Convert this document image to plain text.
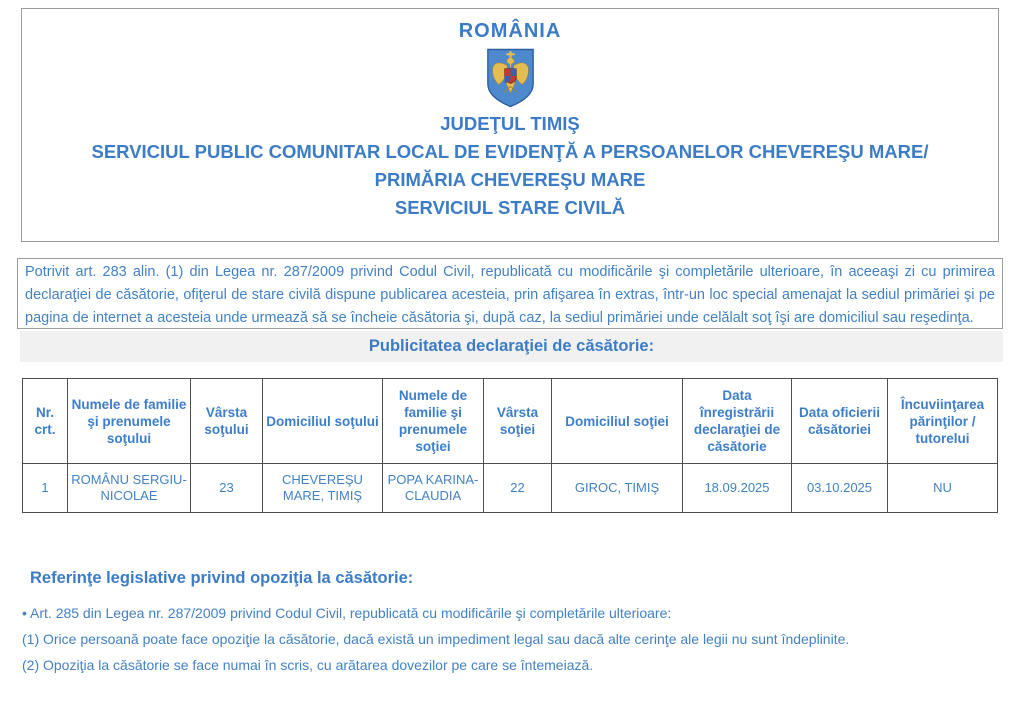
ROMÂNIA
JUDEŢUL TIMIŞ
SERVICIUL PUBLIC COMUNITAR LOCAL DE EVIDENŢĂ A PERSOANELOR CHEVEREŞU MARE/
PRIMĂRIA CHEVEREŞU MARE
SERVICIUL STARE CIVILĂ
Potrivit art. 283 alin. (1) din Legea nr. 287/2009 privind Codul Civil, republicată cu modificările şi completările ulterioare, în aceeaşi zi cu primirea declaraţiei de căsătorie, ofiţerul de stare civilă dispune publicarea acesteia, prin afişarea în extras, într-un loc special amenajat la sediul primăriei şi pe pagina de internet a acesteia unde urmează să se încheie căsătoria şi, după caz, la sediul primăriei unde celălalt soţ îşi are domiciliul sau reşedinţa.
Publicitatea declaraţiei de căsătorie:
Nr. crt.	Numele de familie şi prenumele soţului	Vârsta soţului	Domiciliul soţului	Numele de familie şi prenumele soţiei	Vârsta soţiei	Domiciliul soţiei	Data înregistrării declaraţiei de căsătorie	Data oficierii căsătoriei	Încuviinţarea părinţilor / tutorelui
1	ROMÂNU SERGIU-NICOLAE	23	CHEVEREŞU MARE, TIMIŞ	POPA KARINA-CLAUDIA	22	GIROC, TIMIŞ	18.09.2025	03.10.2025	NU
Referinţe legislative privind opoziţia la căsătorie:
• Art. 285 din Legea nr. 287/2009 privind Codul Civil, republicată cu modificările şi completările ulterioare:
(1) Orice persoană poate face opoziţie la căsătorie, dacă există un impediment legal sau dacă alte cerinţe ale legii nu sunt îndeplinite.
(2) Opoziţia la căsătorie se face numai în scris, cu arătarea dovezilor pe care se întemeiază.
